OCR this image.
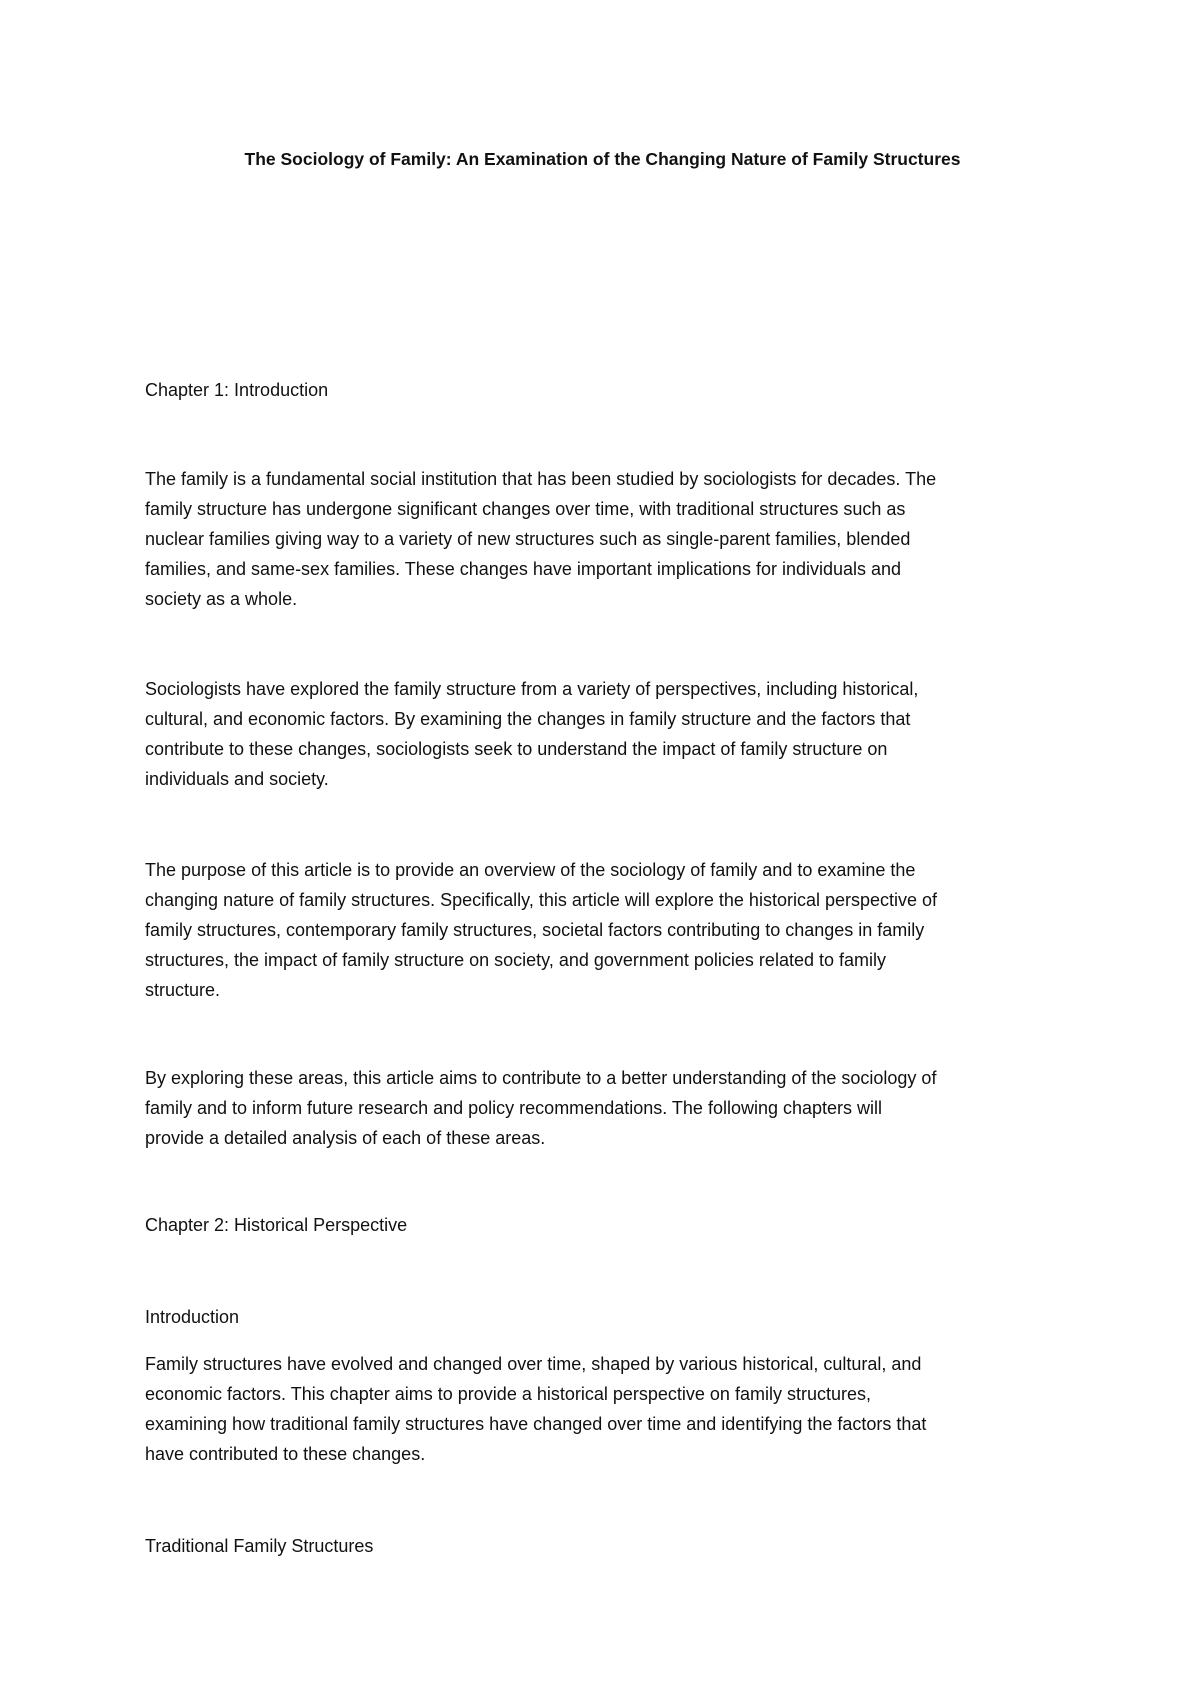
The Sociology of Family: An Examination of the Changing Nature of Family Structures
Chapter 1: Introduction
The family is a fundamental social institution that has been studied by sociologists for decades. The
family structure has undergone significant changes over time, with traditional structures such as
nuclear families giving way to a variety of new structures such as single-parent families, blended
families, and same-sex families. These changes have important implications for individuals and
society as a whole.
Sociologists have explored the family structure from a variety of perspectives, including historical,
cultural, and economic factors. By examining the changes in family structure and the factors that
contribute to these changes, sociologists seek to understand the impact of family structure on
individuals and society.
The purpose of this article is to provide an overview of the sociology of family and to examine the
changing nature of family structures. Specifically, this article will explore the historical perspective of
family structures, contemporary family structures, societal factors contributing to changes in family
structures, the impact of family structure on society, and government policies related to family
structure.
By exploring these areas, this article aims to contribute to a better understanding of the sociology of
family and to inform future research and policy recommendations. The following chapters will
provide a detailed analysis of each of these areas.
Chapter 2: Historical Perspective
Introduction
Family structures have evolved and changed over time, shaped by various historical, cultural, and
economic factors. This chapter aims to provide a historical perspective on family structures,
examining how traditional family structures have changed over time and identifying the factors that
have contributed to these changes.
Traditional Family Structures
